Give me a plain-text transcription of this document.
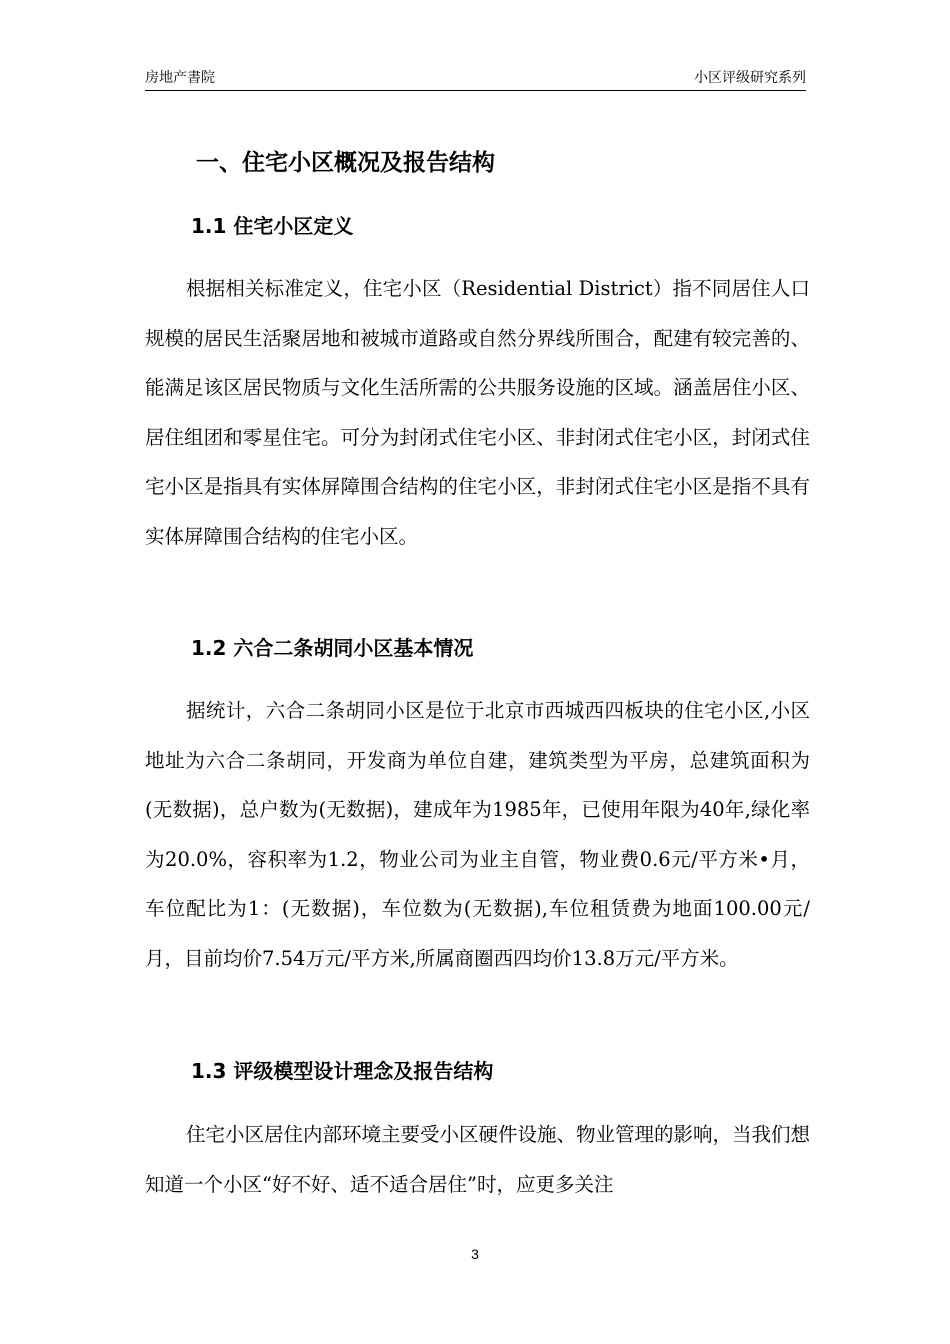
房地产書院	小区评级研究系列
一、住宅小区概况及报告结构
1.1 住宅小区定义

根据相关标准定义，住宅小区（Residential District）指不同居住人口规模的居民生活聚居地和被城市道路或自然分界线所围合，配建有较完善的、能满足该区居民物质与文化生活所需的公共服务设施的区域。涵盖居住小区、居住组团和零星住宅。可分为封闭式住宅小区、非封闭式住宅小区，封闭式住宅小区是指具有实体屏障围合结构的住宅小区，非封闭式住宅小区是指不具有实体屏障围合结构的住宅小区。

1.2 六合二条胡同小区基本情况

据统计，六合二条胡同小区是位于北京市西城西四板块的住宅小区,小区地址为六合二条胡同，开发商为单位自建，建筑类型为平房，总建筑面积为(无数据)，总户数为(无数据)，建成年为1985年，已使用年限为40年,绿化率为20.0%，容积率为1.2，物业公司为业主自管，物业费0.6元/平方米•月，车位配比为1：(无数据)，车位数为(无数据),车位租赁费为地面100.00元/月，目前均价7.54万元/平方米,所属商圈西四均价13.8万元/平方米。

1.3 评级模型设计理念及报告结构

住宅小区居住内部环境主要受小区硬件设施、物业管理的影响，当我们想知道一个小区“好不好、适不适合居住”时，应更多关注

3
